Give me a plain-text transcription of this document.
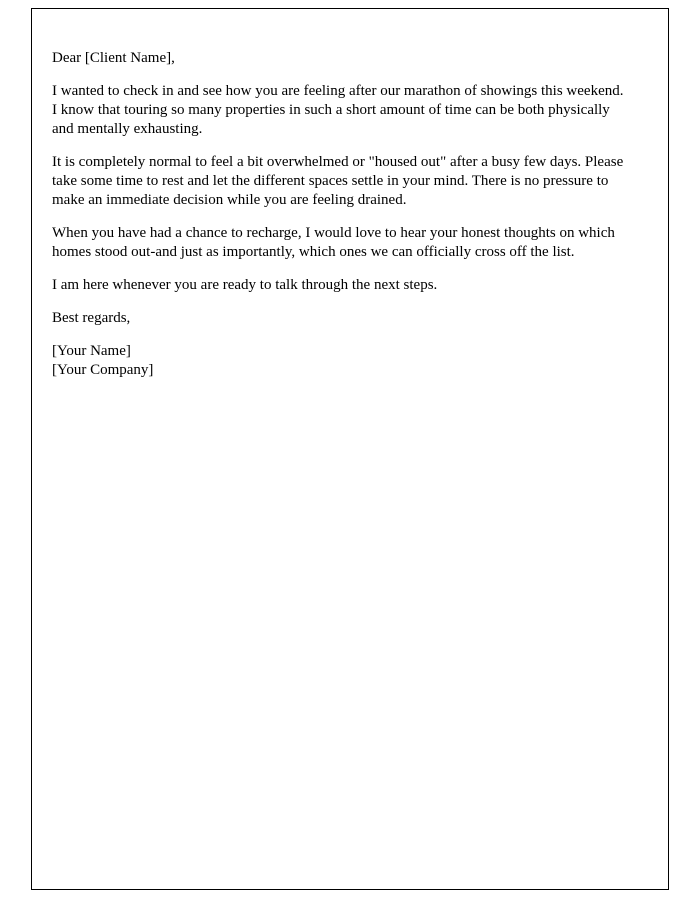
Dear [Client Name],

I wanted to check in and see how you are feeling after our marathon of showings this weekend. I know that touring so many properties in such a short amount of time can be both physically and mentally exhausting.

It is completely normal to feel a bit overwhelmed or "housed out" after a busy few days. Please take some time to rest and let the different spaces settle in your mind. There is no pressure to make an immediate decision while you are feeling drained.

When you have had a chance to recharge, I would love to hear your honest thoughts on which homes stood out-and just as importantly, which ones we can officially cross off the list.

I am here whenever you are ready to talk through the next steps.

Best regards,

[Your Name]

[Your Company]
